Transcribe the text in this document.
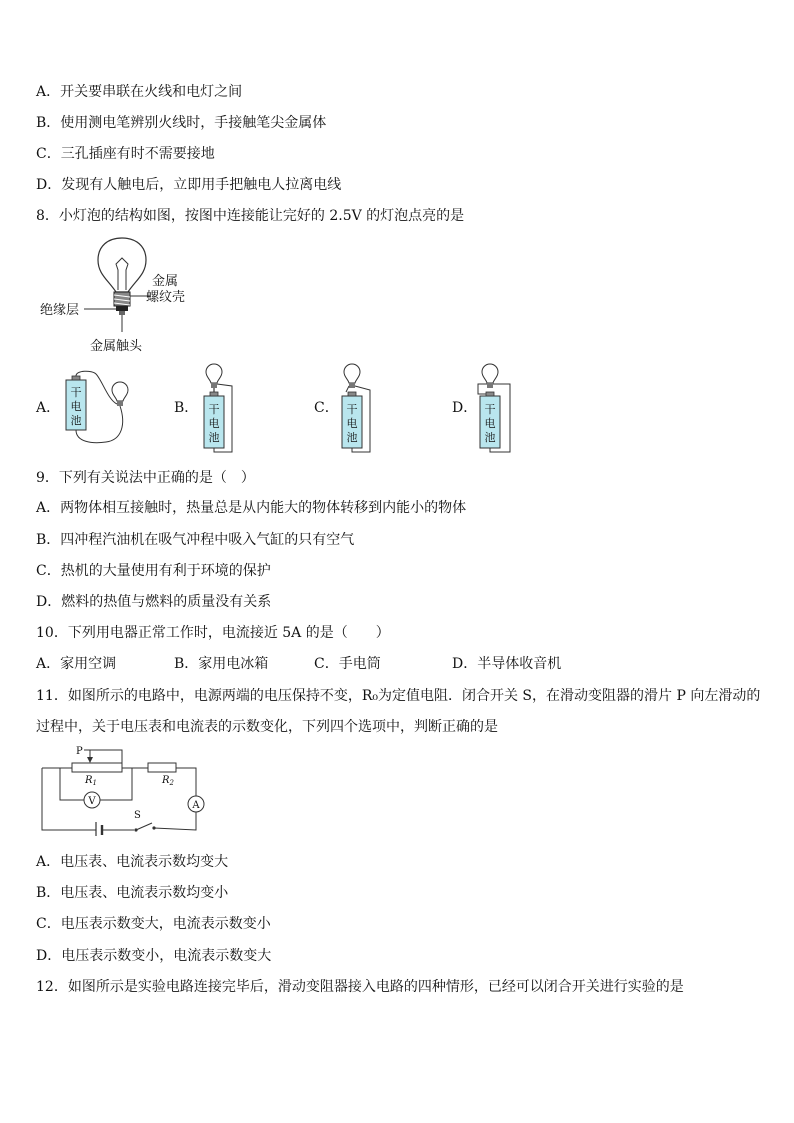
A．开关要串联在火线和电灯之间
B．使用测电笔辨别火线时，手接触笔尖金属体
C．三孔插座有时不需要接地
D．发现有人触电后，立即用手把触电人拉离电线
8．小灯泡的结构如图，按图中连接能让完好的 2.5V 的灯泡点亮的是
金属
螺纹壳
绝缘层
金属触头
A．
干
电
池
B． 干
电
池
C． 干
电
池
D． 干
电
池
9．下列有关说法中正确的是（　）
A．两物体相互接触时，热量总是从内能大的物体转移到内能小的物体
B．四冲程汽油机在吸气冲程中吸入气缸的只有空气
C．热机的大量使用有利于环境的保护
D．燃料的热值与燃料的质量没有关系
10．下列用电器正常工作时，电流接近 5A 的是（　　）
A．家用空调	B．家用电冰箱	C．手电筒	D．半导体收音机
11．如图所示的电路中，电源两端的电压保持不变，R₀为定值电阻．闭合开关 S，在滑动变阻器的滑片 P 向左滑动的
过程中，关于电压表和电流表的示数变化，下列四个选项中，判断正确的是
S
$R_1$
P
V
$R_2$
A
A．电压表、电流表示数均变大
B．电压表、电流表示数均变小
C．电压表示数变大，电流表示数变小
D．电压表示数变小，电流表示数变大
12．如图所示是实验电路连接完毕后，滑动变阻器接入电路的四种情形，已经可以闭合开关进行实验的是
